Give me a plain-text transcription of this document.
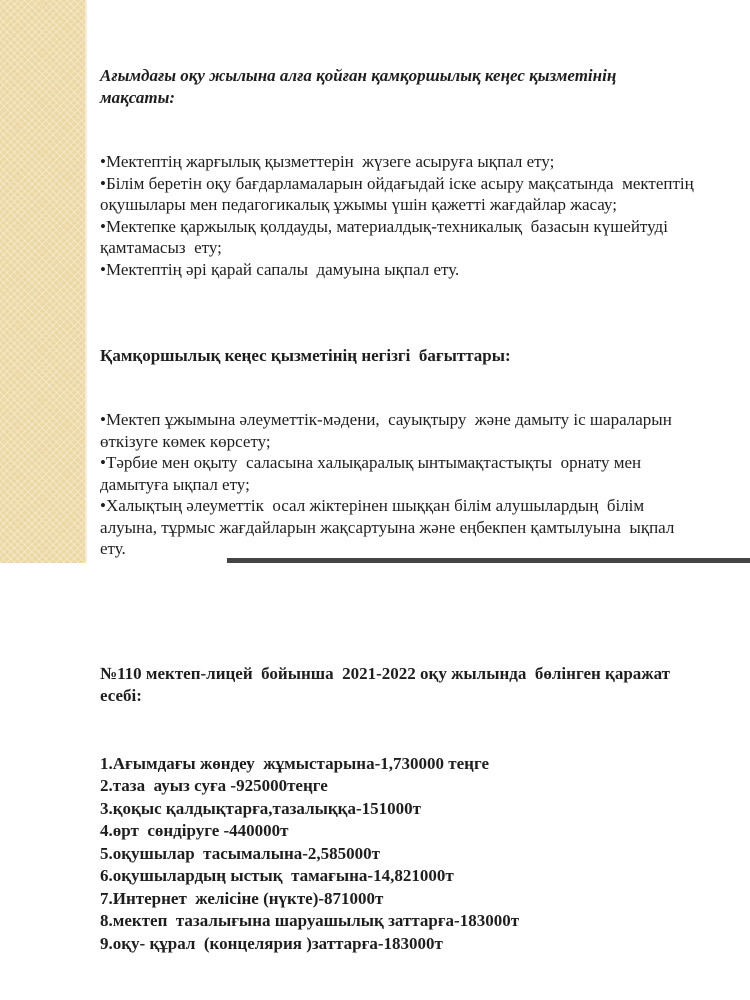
Ағымдағы оқу жылына алға қойған қамқоршылық кеңес қызметінің  мақсаты:

•Мектептің жарғылық қызметтерін  жүзеге асыруға ықпал ету;

•Білім беретін оқу бағдарламаларын ойдағыдай іске асыру мақсатында  мектептің оқушылары мен педагогикалық ұжымы үшін қажетті жағдайлар жасау;

•Мектепке қаржылық қолдауды, материалдық-техникалық  базасын күшейтуді қамтамасыз  ету;

•Мектептің әрі қарай сапалы  дамуына ықпал ету.

Қамқоршылық кеңес қызметінің негізгі  бағыттары:

•Мектеп ұжымына әлеуметтік-мәдени,  сауықтыру  және дамыту іс шараларын өткізуге көмек көрсету;

•Тәрбие мен оқыту  саласына халықаралық ынтымақтастықты  орнату мен дамытуға ықпал ету;

•Халықтың әлеуметтік  осал жіктерінен шыққан білім алушылардың  білім алуына, тұрмыс жағдайларын жақсартуына және еңбекпен қамтылуына  ықпал ету.

№110 мектеп-лицей  бойынша  2021-2022 оқу жылында  бөлінген қаражат есебі:

1.Ағымдағы жөндеу  жұмыстарына-1,730000 теңге

2.таза  ауыз суға -925000теңге

3.қоқыс қалдықтарға,тазалыққа-151000т

4.өрт  сөндіруге -440000т

5.оқушылар  тасымалына-2,585000т

6.оқушылардың ыстық  тамағына-14,821000т

7.Интернет  желісіне (нүкте)-871000т

8.мектеп  тазалығына шаруашылық заттарға-183000т

9.оқу- құрал  (концелярия )заттарға-183000т
